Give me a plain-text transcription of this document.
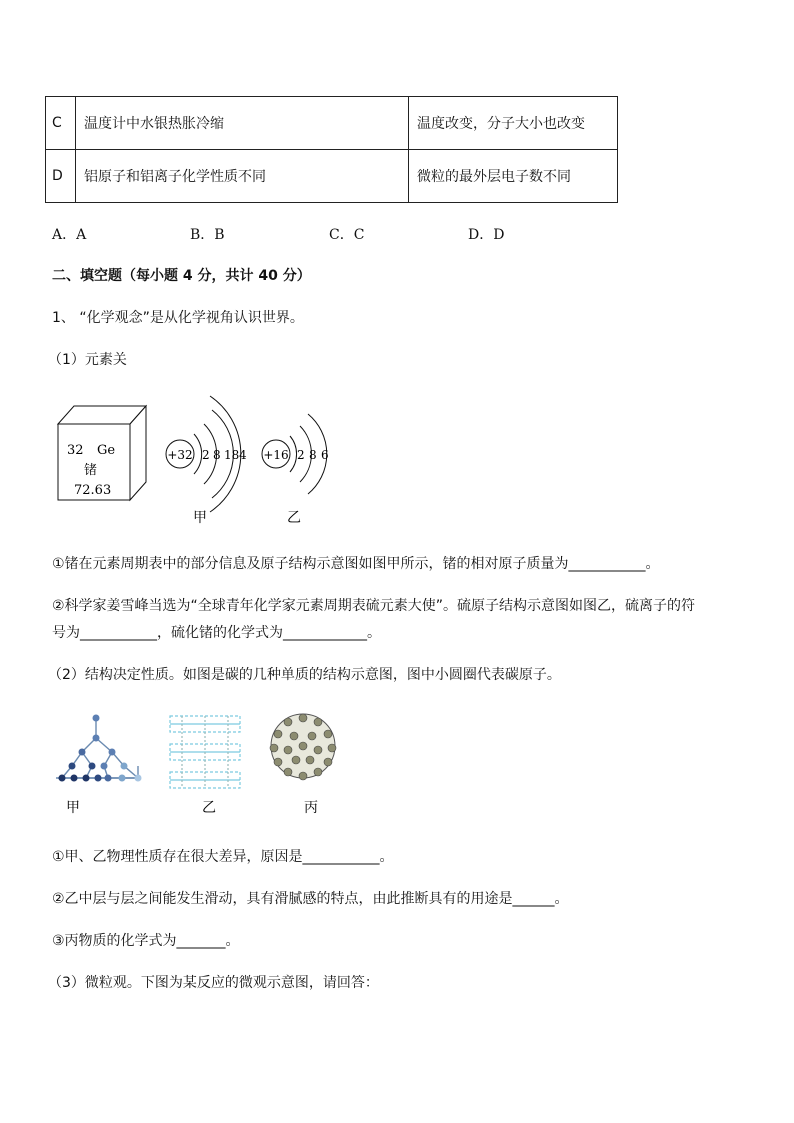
C	温度计中水银热胀冷缩	温度改变，分子大小也改变
D	铝原子和铝离子化学性质不同	微粒的最外层电子数不同
A．A	B．B	C．C	D．D
二、填空题（每小题 4 分，共计 40 分）
1、 “化学观念”是从化学视角认识世界。
（1）元素关
32 Ge
锗
72.63
+32 2 8 18 4
甲
+16 2 8 6
乙
①锗在元素周期表中的部分信息及原子结构示意图如图甲所示，锗的相对原子质量为___________。
②科学家姜雪峰当选为“全球青年化学家元素周期表硫元素大使”。硫原子结构示意图如图乙，硫离子的符
号为___________，硫化锗的化学式为____________。
（2）结构决定性质。如图是碳的几种单质的结构示意图，图中小圆圈代表碳原子。
甲	乙	丙
①甲、乙物理性质存在很大差异，原因是___________。
②乙中层与层之间能发生滑动，具有滑腻感的特点，由此推断具有的用途是______。
③丙物质的化学式为_______。
（3）微粒观。下图为某反应的微观示意图，请回答：
